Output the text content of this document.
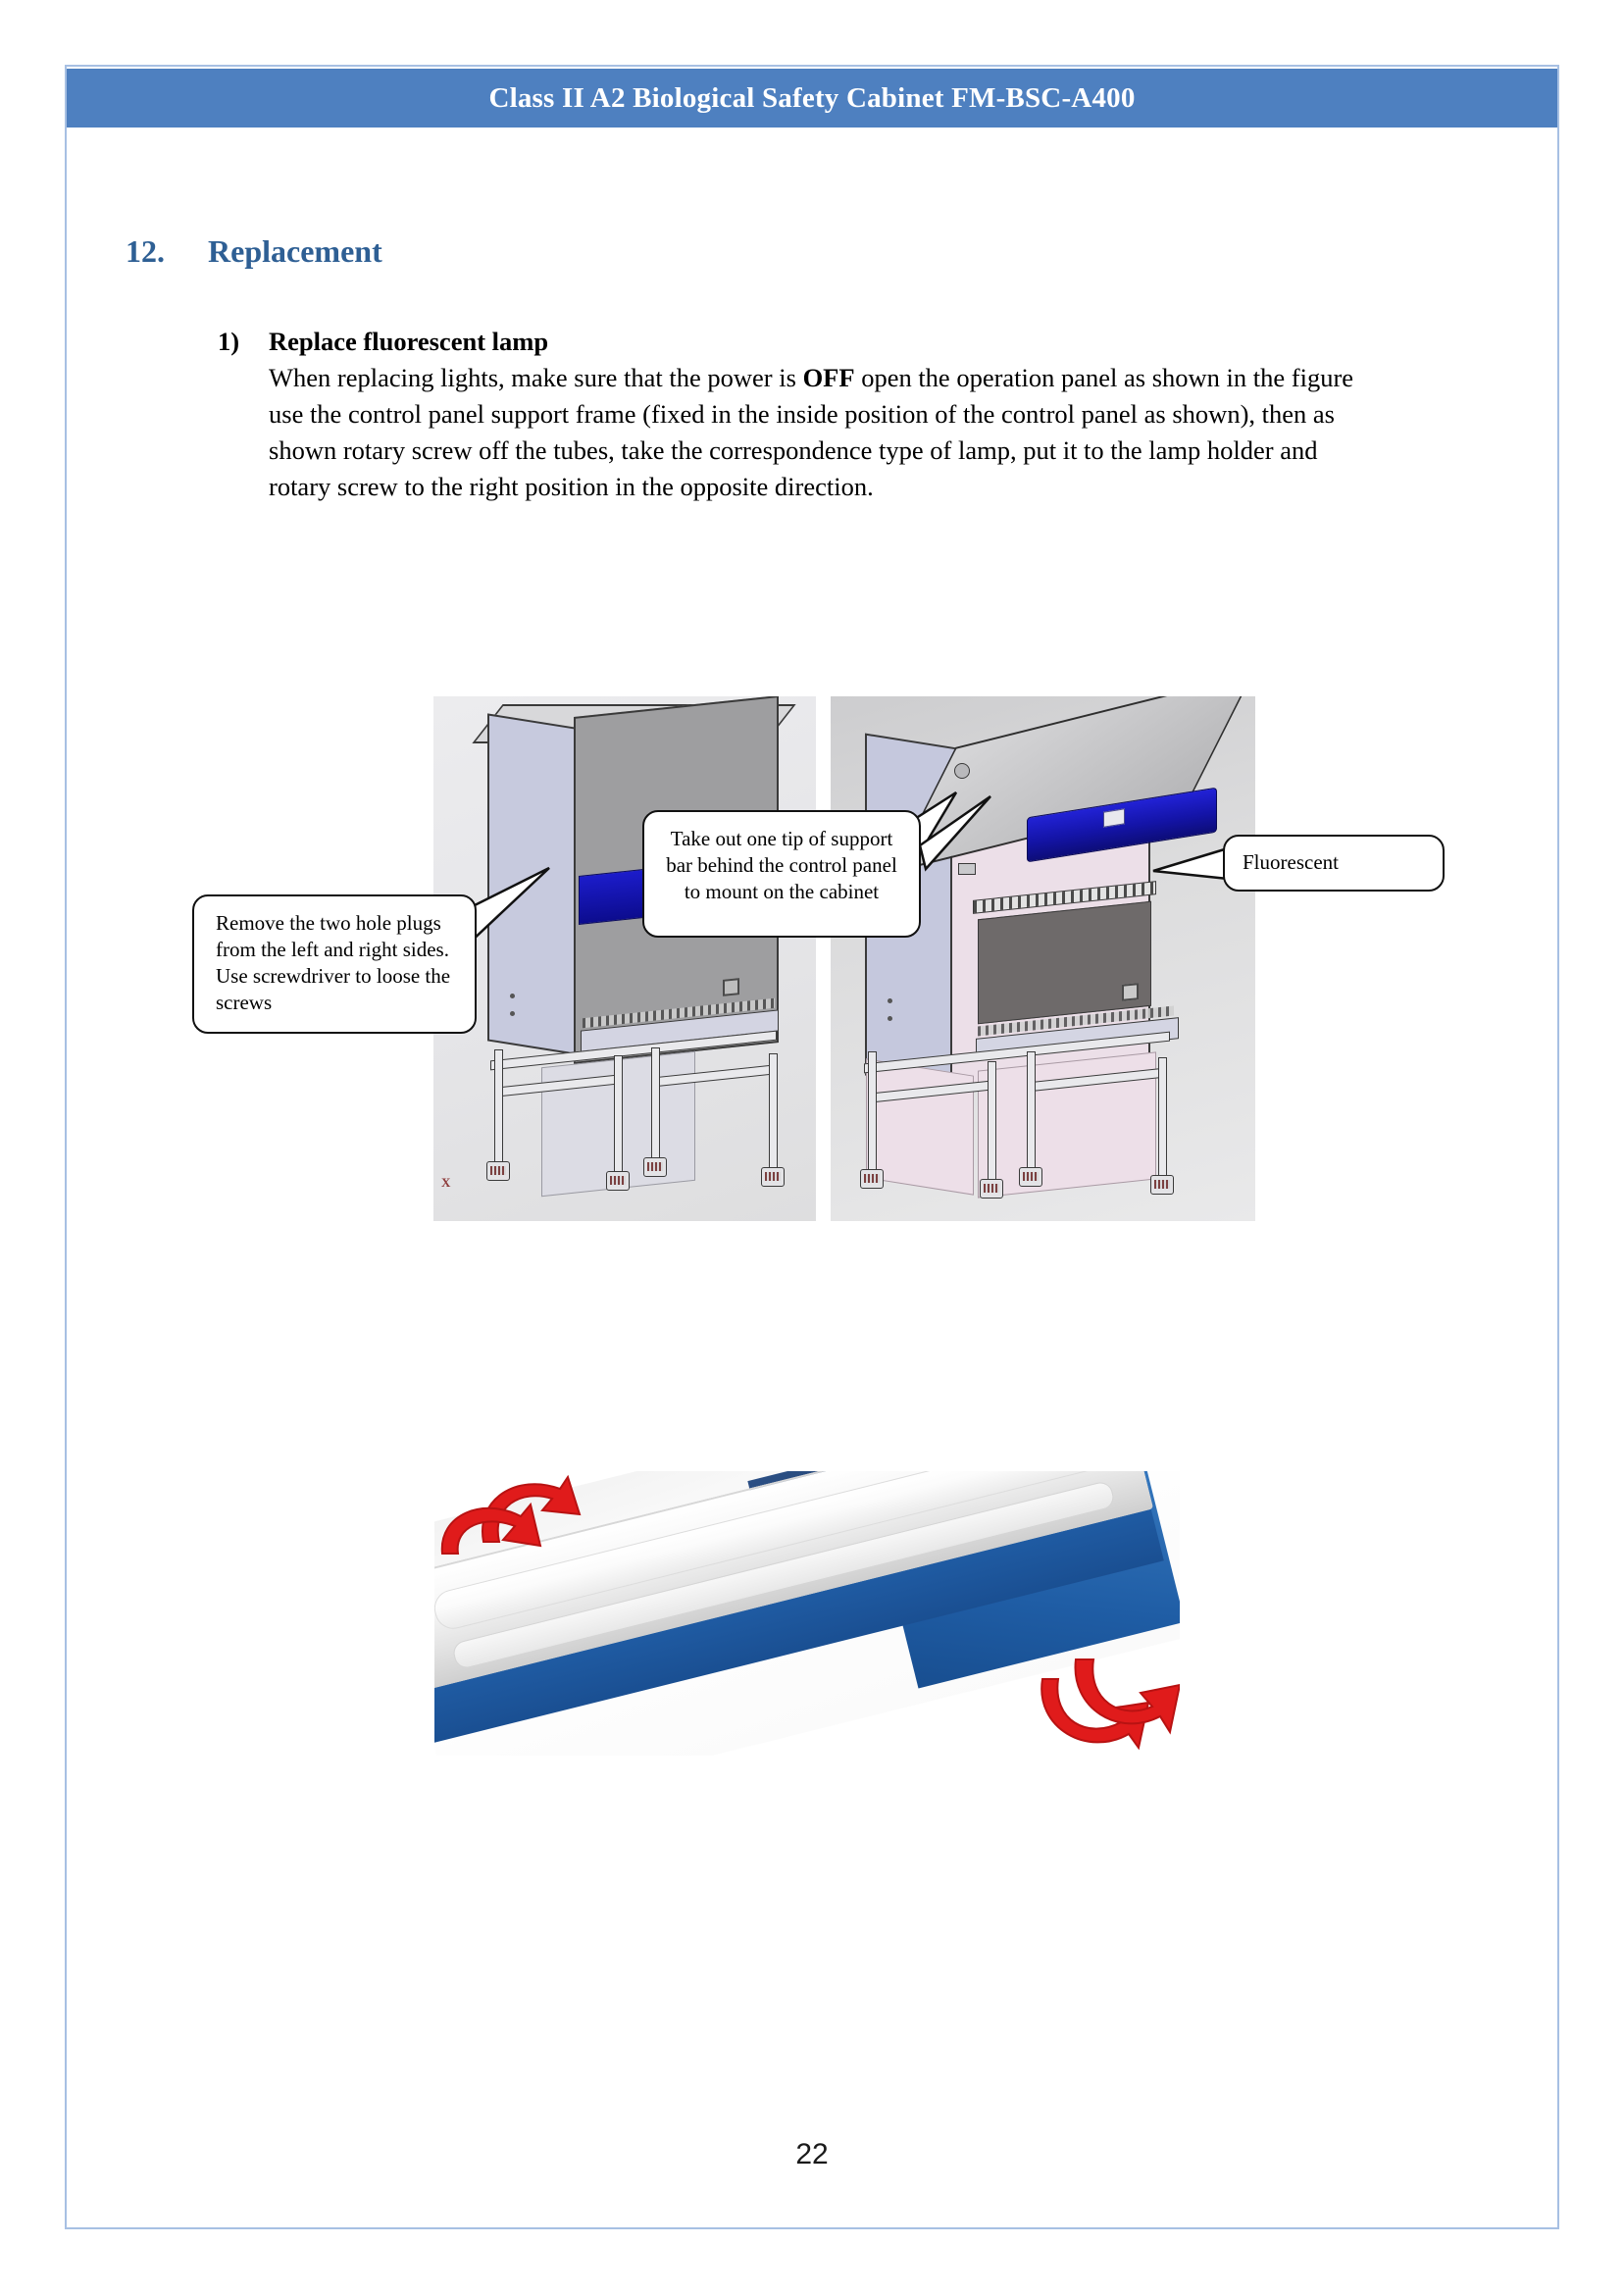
Class II A2 Biological Safety Cabinet FM-BSC-A400
12. Replacement
1) Replace fluorescent lamp
When replacing lights, make sure that the power is OFF open the operation panel as shown in the figure use the control panel support frame (fixed in the inside position of the control panel as shown), then as shown rotary screw off the tubes, take the correspondence type of lamp, put it to the lamp holder and rotary screw to the right position in the opposite direction.
X
Remove the two hole plugs from the left and right sides. Use screwdriver to loose the screws
Take out one tip of support bar behind the control panel to mount on the cabinet
Fluorescent
22
